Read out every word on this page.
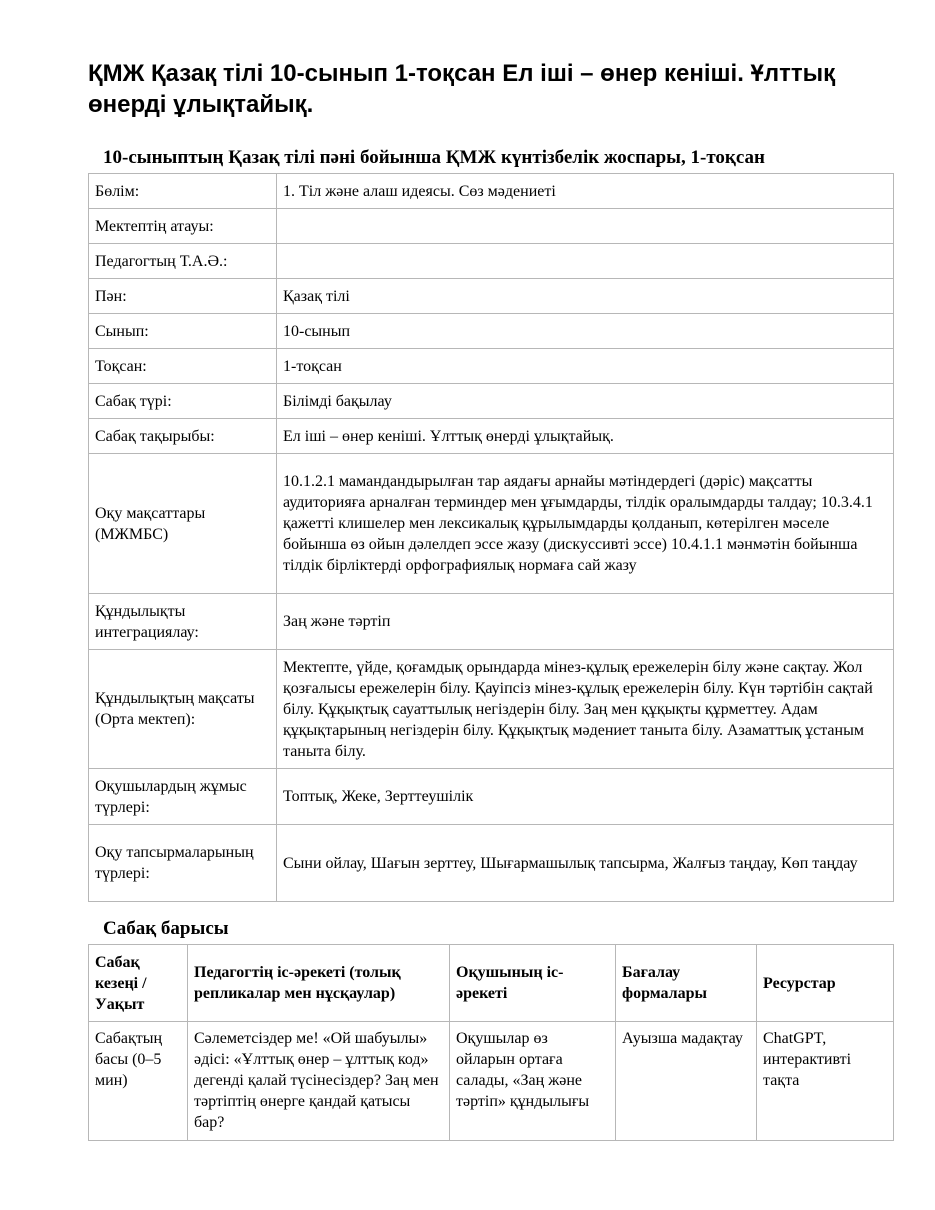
ҚМЖ Қазақ тілі 10-сынып 1-тоқсан Ел іші – өнер кеніші. Ұлттық өнерді ұлықтайық.
10-сыныптың Қазақ тілі пәні бойынша ҚМЖ күнтізбелік жоспары, 1-тоқсан
Бөлім:	1. Тіл және алаш идеясы. Сөз мәдениеті
Мектептің атауы:	
Педагогтың Т.А.Ә.:	
Пән:	Қазақ тілі
Сынып:	10-сынып
Тоқсан:	1-тоқсан
Сабақ түрі:	Білімді бақылау
Сабақ тақырыбы:	Ел іші – өнер кеніші. Ұлттық өнерді ұлықтайық.
Оқу мақсаттары (МЖМБС)	10.1.2.1 мамандандырылған тар аядағы арнайы мәтіндердегі (дәріс) мақсатты аудиторияға арналған терминдер мен ұғымдарды, тілдік оралымдарды талдау; 10.3.4.1 қажетті клишелер мен лексикалық құрылымдарды қолданып, көтерілген мәселе бойынша өз ойын дәлелдеп эссе жазу (дискуссивті эссе) 10.4.1.1 мәнмәтін бойынша тілдік бірліктерді орфографиялық нормаға сай жазу
Құндылықты интеграциялау:	Заң және тәртіп
Құндылықтың мақсаты (Орта мектеп):	Мектепте, үйде, қоғамдық орындарда мінез-құлық ережелерін білу және сақтау. Жол қозғалысы ережелерін білу. Қауіпсіз мінез-құлық ережелерін білу. Күн тәртібін сақтай білу. Құқықтық сауаттылық негіздерін білу. Заң мен құқықты құрметтеу. Адам құқықтарының негіздерін білу. Құқықтық мәдениет таныта білу. Азаматтық ұстаным таныта білу.
Оқушылардың жұмыс түрлері:	Топтық, Жеке, Зерттеушілік
Оқу тапсырмаларының түрлері:	Сыни ойлау, Шағын зерттеу, Шығармашылық тапсырма, Жалғыз таңдау, Көп таңдау
Сабақ барысы
Сабақ кезеңі / Уақыт	Педагогтің іс-әрекеті (толық репликалар мен нұсқаулар)	Оқушының іс-әрекеті	Бағалау формалары	Ресурстар
Сабақтың басы (0–5 мин)	Сәлеметсіздер ме! «Ой шабуылы» әдісі: «Ұлттық өнер – ұлттық код» дегенді қалай түсінесіздер? Заң мен тәртіптің өнерге қандай қатысы бар?	Оқушылар өз ойларын ортаға салады, «Заң және тәртіп» құндылығы	Ауызша мадақтау	ChatGPT, интерактивті тақта
